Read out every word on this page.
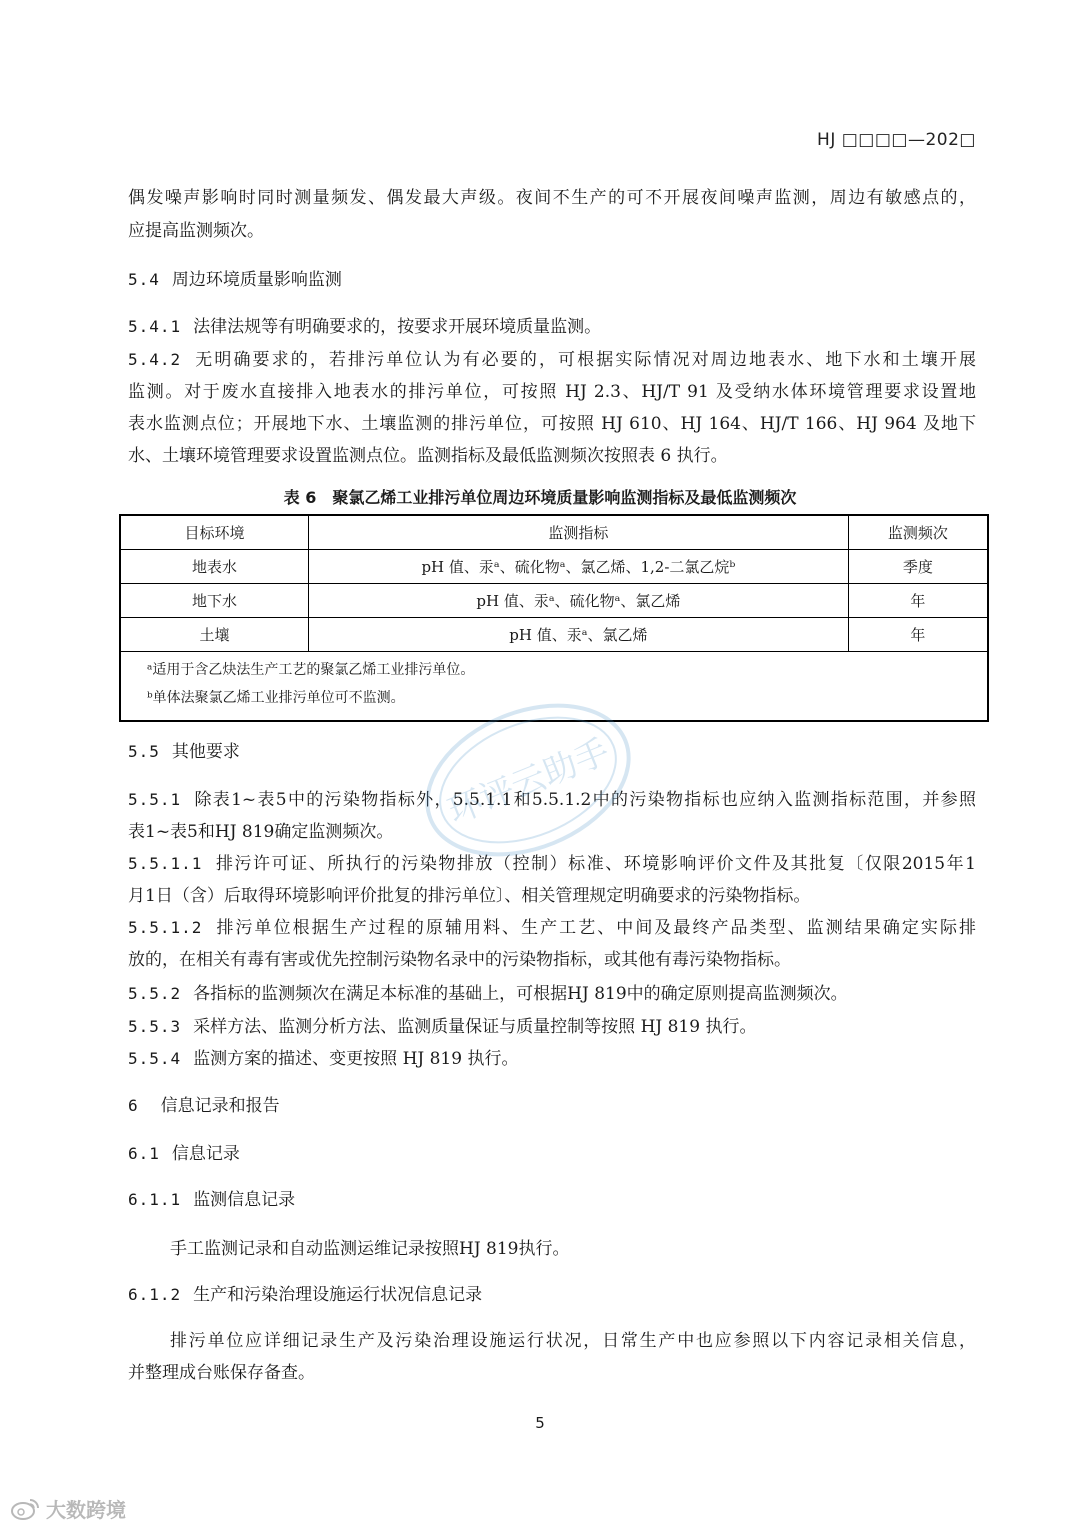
HJ □□□□—202□
偶发噪声影响时同时测量频发、偶发最大声级。夜间不生产的可不开展夜间噪声监测，周边有敏感点的，
应提高监测频次。
5.4 周边环境质量影响监测
5.4.1 法律法规等有明确要求的，按要求开展环境质量监测。
5.4.2 无明确要求的，若排污单位认为有必要的，可根据实际情况对周边地表水、地下水和土壤开展
监测。对于废水直接排入地表水的排污单位，可按照 HJ 2.3、HJ/T 91 及受纳水体环境管理要求设置地
表水监测点位；开展地下水、土壤监测的排污单位，可按照 HJ 610、HJ 164、HJ/T 166、HJ 964 及地下
水、土壤环境管理要求设置监测点位。监测指标及最低监测频次按照表 6 执行。
表 6　聚氯乙烯工业排污单位周边环境质量影响监测指标及最低监测频次
目标环境	监测指标	监测频次
地表水	pH 值、汞ᵃ、硫化物ᵃ、氯乙烯、1,2-二氯乙烷ᵇ	季度
地下水	pH 值、汞ᵃ、硫化物ᵃ、氯乙烯	年
土壤	pH 值、汞ᵃ、氯乙烯	年

ᵃ适用于含乙炔法生产工艺的聚氯乙烯工业排污单位。
ᵇ单体法聚氯乙烯工业排污单位可不监测。		
5.5 其他要求
5.5.1 除表1~表5中的污染物指标外，5.5.1.1和5.5.1.2中的污染物指标也应纳入监测指标范围，并参照
表1~表5和HJ 819确定监测频次。
5.5.1.1 排污许可证、所执行的污染物排放（控制）标准、环境影响评价文件及其批复〔仅限2015年1
月1日（含）后取得环境影响评价批复的排污单位〕、相关管理规定明确要求的污染物指标。
5.5.1.2 排污单位根据生产过程的原辅用料、生产工艺、中间及最终产品类型、监测结果确定实际排
放的，在相关有毒有害或优先控制污染物名录中的污染物指标，或其他有毒污染物指标。
5.5.2 各指标的监测频次在满足本标准的基础上，可根据HJ 819中的确定原则提高监测频次。
5.5.3 采样方法、监测分析方法、监测质量保证与质量控制等按照 HJ 819 执行。
5.5.4 监测方案的描述、变更按照 HJ 819 执行。
6 信息记录和报告
6.1 信息记录
6.1.1 监测信息记录
手工监测记录和自动监测运维记录按照HJ 819执行。
6.1.2 生产和污染治理设施运行状况信息记录
排污单位应详细记录生产及污染治理设施运行状况，日常生产中也应参照以下内容记录相关信息，
并整理成台账保存备查。
5
环评云助手
大数跨境
